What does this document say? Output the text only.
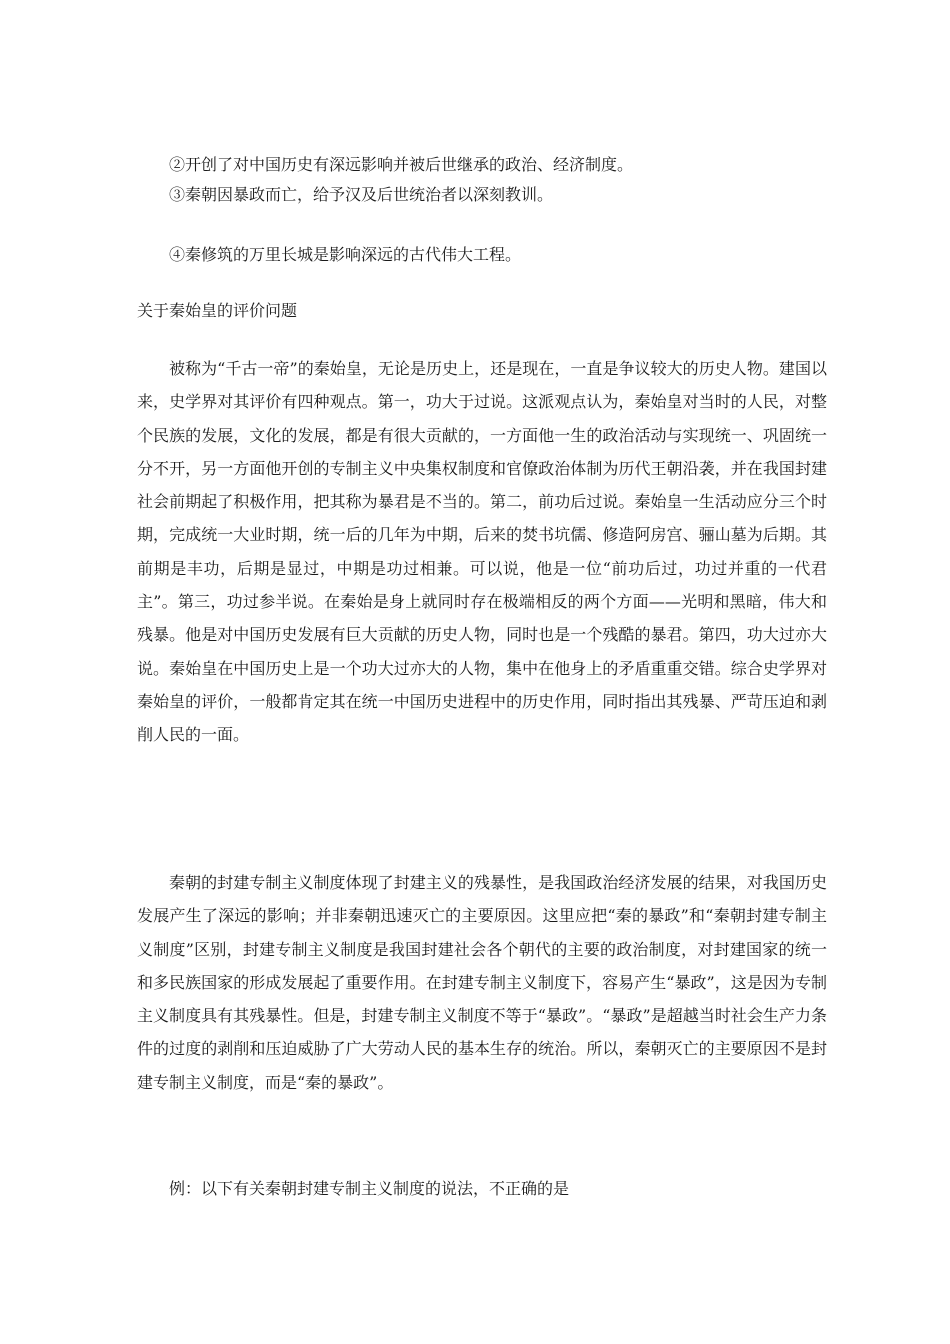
②开创了对中国历史有深远影响并被后世继承的政治、经济制度。

③秦朝因暴政而亡，给予汉及后世统治者以深刻教训。

④秦修筑的万里长城是影响深远的古代伟大工程。

关于秦始皇的评价问题

被称为“千古一帝”的秦始皇，无论是历史上，还是现在，一直是争议较大的历史人物。建国以来，史学界对其评价有四种观点。第一，功大于过说。这派观点认为，秦始皇对当时的人民，对整个民族的发展，文化的发展，都是有很大贡献的，一方面他一生的政治活动与实现统一、巩固统一分不开，另一方面他开创的专制主义中央集权制度和官僚政治体制为历代王朝沿袭，并在我国封建社会前期起了积极作用，把其称为暴君是不当的。第二，前功后过说。秦始皇一生活动应分三个时期，完成统一大业时期，统一后的几年为中期，后来的焚书坑儒、修造阿房宫、骊山墓为后期。其前期是丰功，后期是显过，中期是功过相兼。可以说，他是一位“前功后过，功过并重的一代君主”。第三，功过参半说。在秦始是身上就同时存在极端相反的两个方面——光明和黑暗，伟大和残暴。他是对中国历史发展有巨大贡献的历史人物，同时也是一个残酷的暴君。第四，功大过亦大说。秦始皇在中国历史上是一个功大过亦大的人物，集中在他身上的矛盾重重交错。综合史学界对秦始皇的评价，一般都肯定其在统一中国历史进程中的历史作用，同时指出其残暴、严苛压迫和剥削人民的一面。

秦朝的封建专制主义制度体现了封建主义的残暴性，是我国政治经济发展的结果，对我国历史发展产生了深远的影响；并非秦朝迅速灭亡的主要原因。这里应把“秦的暴政”和“秦朝封建专制主义制度”区别，封建专制主义制度是我国封建社会各个朝代的主要的政治制度，对封建国家的统一和多民族国家的形成发展起了重要作用。在封建专制主义制度下，容易产生“暴政”，这是因为专制主义制度具有其残暴性。但是，封建专制主义制度不等于“暴政”。“暴政”是超越当时社会生产力条件的过度的剥削和压迫威胁了广大劳动人民的基本生存的统治。所以，秦朝灭亡的主要原因不是封建专制主义制度，而是“秦的暴政”。

例：以下有关秦朝封建专制主义制度的说法，不正确的是
